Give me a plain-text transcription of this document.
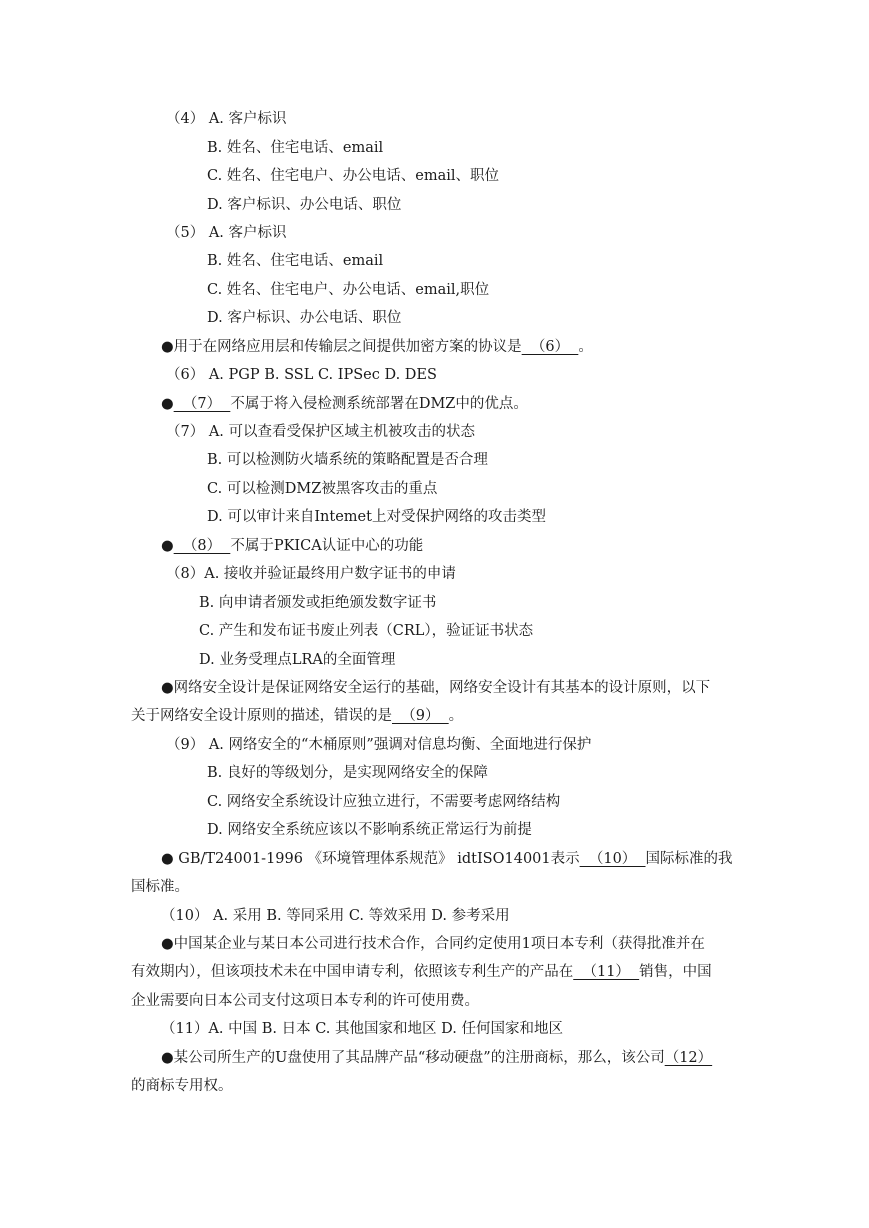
（4） A. 客户标识
B. 姓名、住宅电话、email
C. 姓名、住宅电户、办公电话、email、职位
D. 客户标识、办公电话、职位
（5） A. 客户标识
B. 姓名、住宅电话、email
C. 姓名、住宅电户、办公电话、email,职位
D. 客户标识、办公电话、职位
●用于在网络应用层和传输层之间提供加密方案的协议是  （6）  。
（6） A. PGP B. SSL C. IPSec D. DES
●  （7）  不属于将入侵检测系统部署在DMZ中的优点。
（7） A. 可以查看受保护区域主机被攻击的状态
B. 可以检测防火墙系统的策略配置是否合理
C. 可以检测DMZ被黑客攻击的重点
D. 可以审计来自Intemet上对受保护网络的攻击类型
●  （8）  不属于PKICA认证中心的功能
（8）A. 接收并验证最终用户数字证书的申请
B. 向申请者颁发或拒绝颁发数字证书
C. 产生和发布证书废止列表（CRL），验证证书状态
D. 业务受理点LRA的全面管理
●网络安全设计是保证网络安全运行的基础，网络安全设计有其基本的设计原则，以下
关于网络安全设计原则的描述，错误的是  （9）  。
（9） A. 网络安全的“木桶原则”强调对信息均衡、全面地进行保护
B. 良好的等级划分，是实现网络安全的保障
C. 网络安全系统设计应独立进行，不需要考虑网络结构
D. 网络安全系统应该以不影响系统正常运行为前提
● GB/T24001-1996 《环境管理体系规范》 idtISO14001表示  （10）  国际标准的我
国标准。
（10） A. 采用 B. 等同采用 C. 等效采用 D. 参考采用
●中国某企业与某日本公司进行技术合作，合同约定使用1项日本专利（获得批准并在
有效期内），但该项技术未在中国申请专利，依照该专利生产的产品在  （11）  销售，中国
企业需要向日本公司支付这项日本专利的许可使用费。
（11）A. 中国 B. 日本 C. 其他国家和地区 D. 任何国家和地区
●某公司所生产的U盘使用了其品牌产品“移动硬盘”的注册商标，那么，该公司（12）
的商标专用权。
